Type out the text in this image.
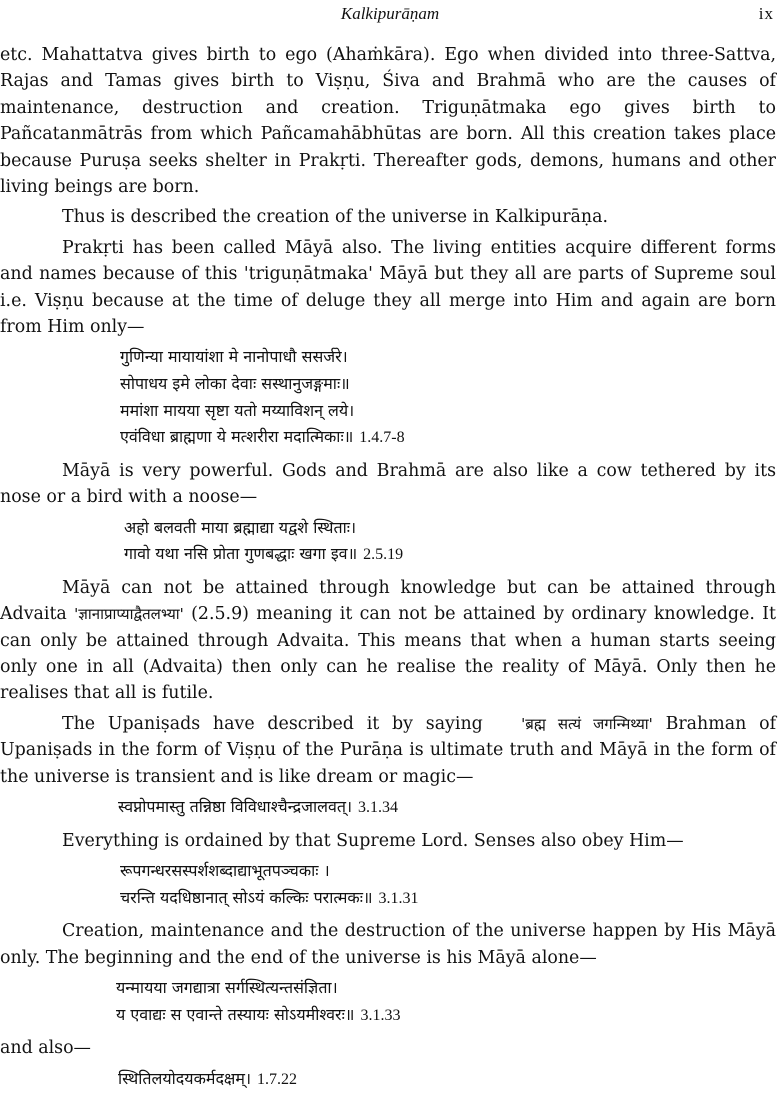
Kalkipurāṇam	ix

etc. Mahattatva gives birth to ego (Ahaṁkāra). Ego when divided into three-Sattva, Rajas and Tamas gives birth to Viṣṇu, Śiva and Brahmā who are the causes of maintenance, destruction and creation. Triguṇātmaka ego gives birth to Pañcatanmātrās from which Pañcamahābhūtas are born. All this creation takes place because Puruṣa seeks shelter in Prakṛti. Thereafter gods, demons, humans and other living beings are born.

Thus is described the creation of the universe in Kalkipurāṇa.

Prakṛti has been called Māyā also. The living entities acquire different forms and names because of this 'triguṇātmaka' Māyā but they all are parts of Supreme soul i.e. Viṣṇu because at the time of deluge they all merge into Him and again are born from Him only—

गुणिन्या मायायांशा मे नानोपाधौ ससर्जरे।
सोपाधय इमे लोका देवाः सस्थानुजङ्गमाः॥
ममांशा मायया सृष्टा यतो मय्याविशन् लये।
एवंविधा ब्राह्मणा ये मत्शरीरा मदात्मिकाः॥ 1.4.7-8

Māyā is very powerful. Gods and Brahmā are also like a cow tethered by its nose or a bird with a noose—

अहो बलवती माया ब्रह्माद्या यद्वशे स्थिताः।
गावो यथा नसि प्रोता गुणबद्धाः खगा इव॥ 2.5.19

Māyā can not be attained through knowledge but can be attained through Advaita 'ज्ञानाप्राप्याद्वैतलभ्या' (2.5.9) meaning it can not be attained by ordinary knowledge. It can only be attained through Advaita. This means that when a human starts seeing only one in all (Advaita) then only can he realise the reality of Māyā. Only then he realises that all is futile.

The Upaniṣads have described it by saying	'ब्रह्म सत्यं जगन्मिथ्या' Brahman of Upaniṣads in the form of Viṣṇu of the Purāṇa is ultimate truth and Māyā in the form of the universe is transient and is like dream or magic—

स्वप्नोपमास्तु तन्निष्ठा विविधाश्चैन्द्रजालवत्। 3.1.34

Everything is ordained by that Supreme Lord. Senses also obey Him—

रूपगन्धरसस्पर्शशब्दाद्याभूतपञ्चकाः ।
चरन्ति यदधिष्ठानात् सोऽयं कल्किः परात्मकः॥ 3.1.31

Creation, maintenance and the destruction of the universe happen by His Māyā only. The beginning and the end of the universe is his Māyā alone—

यन्मायया जगद्यात्रा सर्गस्थित्यन्तसंज्ञिता।
य एवाद्यः स एवान्ते तस्यायः सोऽयमीश्वरः॥ 3.1.33

and also—

स्थितिलयोदयकर्मदक्षम्। 1.7.22
